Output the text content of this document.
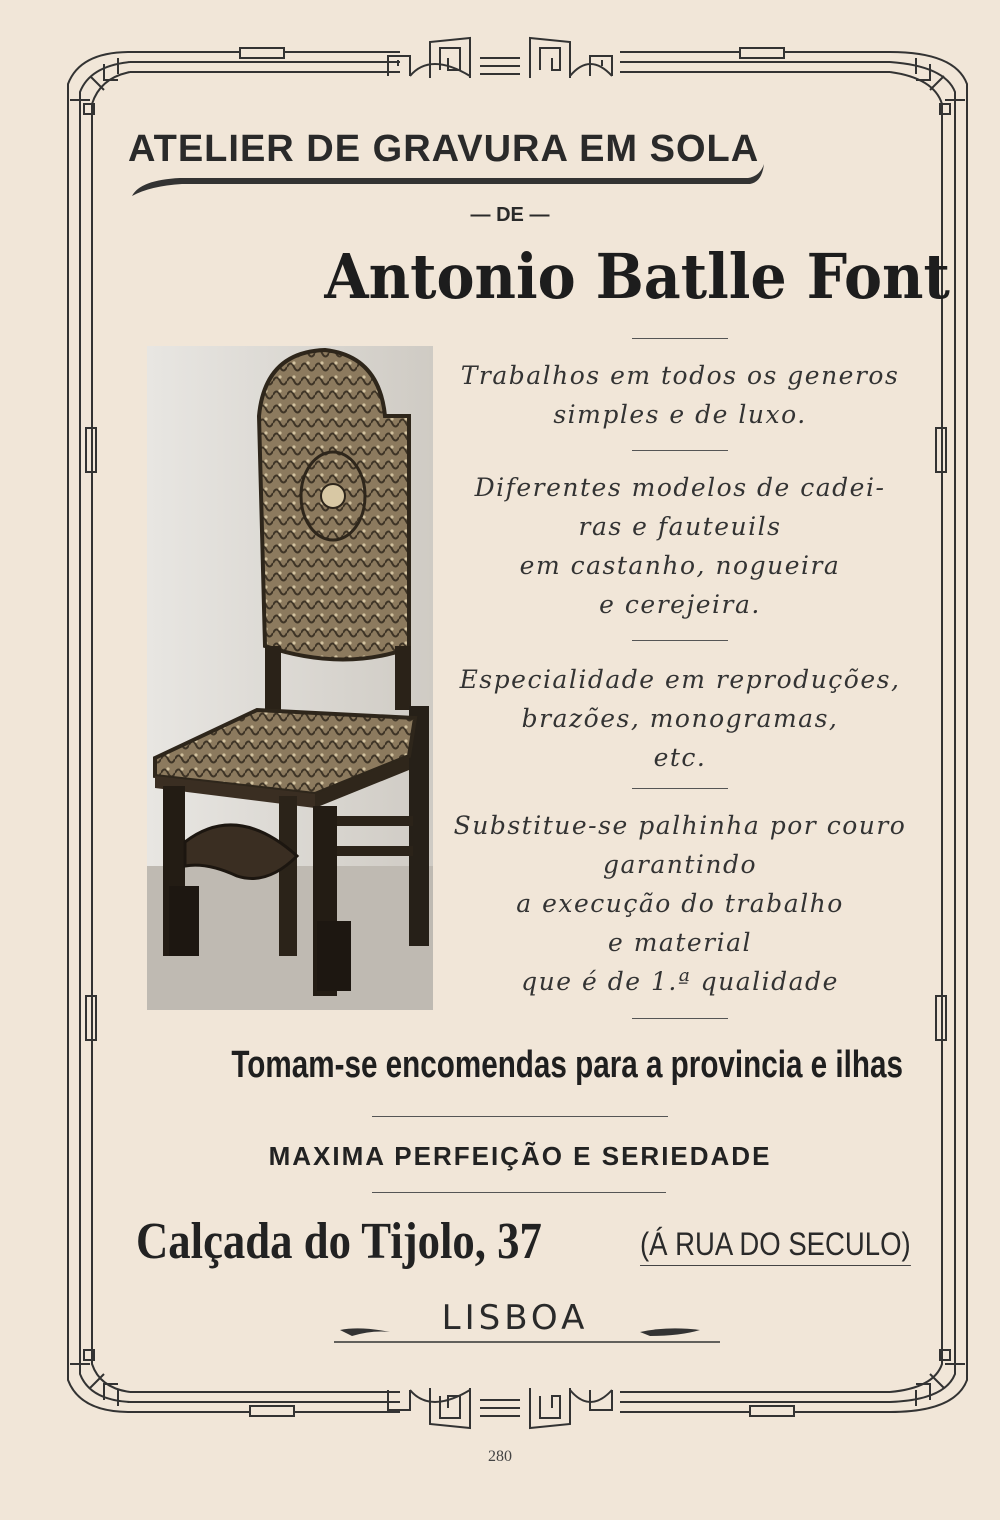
ATELIER DE GRAVURA EM SOLA
— DE —
Antonio Batlle Font
Trabalhos em todos os generos
simples e de luxo.
Diferentes modelos de cadei-
ras e fauteuils
em castanho, nogueira
e cerejeira.
Especialidade em reproduções,
brazões, monogramas,
etc.
Substitue-se palhinha por couro
garantindo
a execução do trabalho
e material
que é de 1.ª qualidade
Tomam-se encomendas para a provincia e ilhas
MAXIMA PERFEIÇÃO E SERIEDADE
Calçada do Tijolo, 37	(Á RUA DO SECULO)
LISBOA
280
